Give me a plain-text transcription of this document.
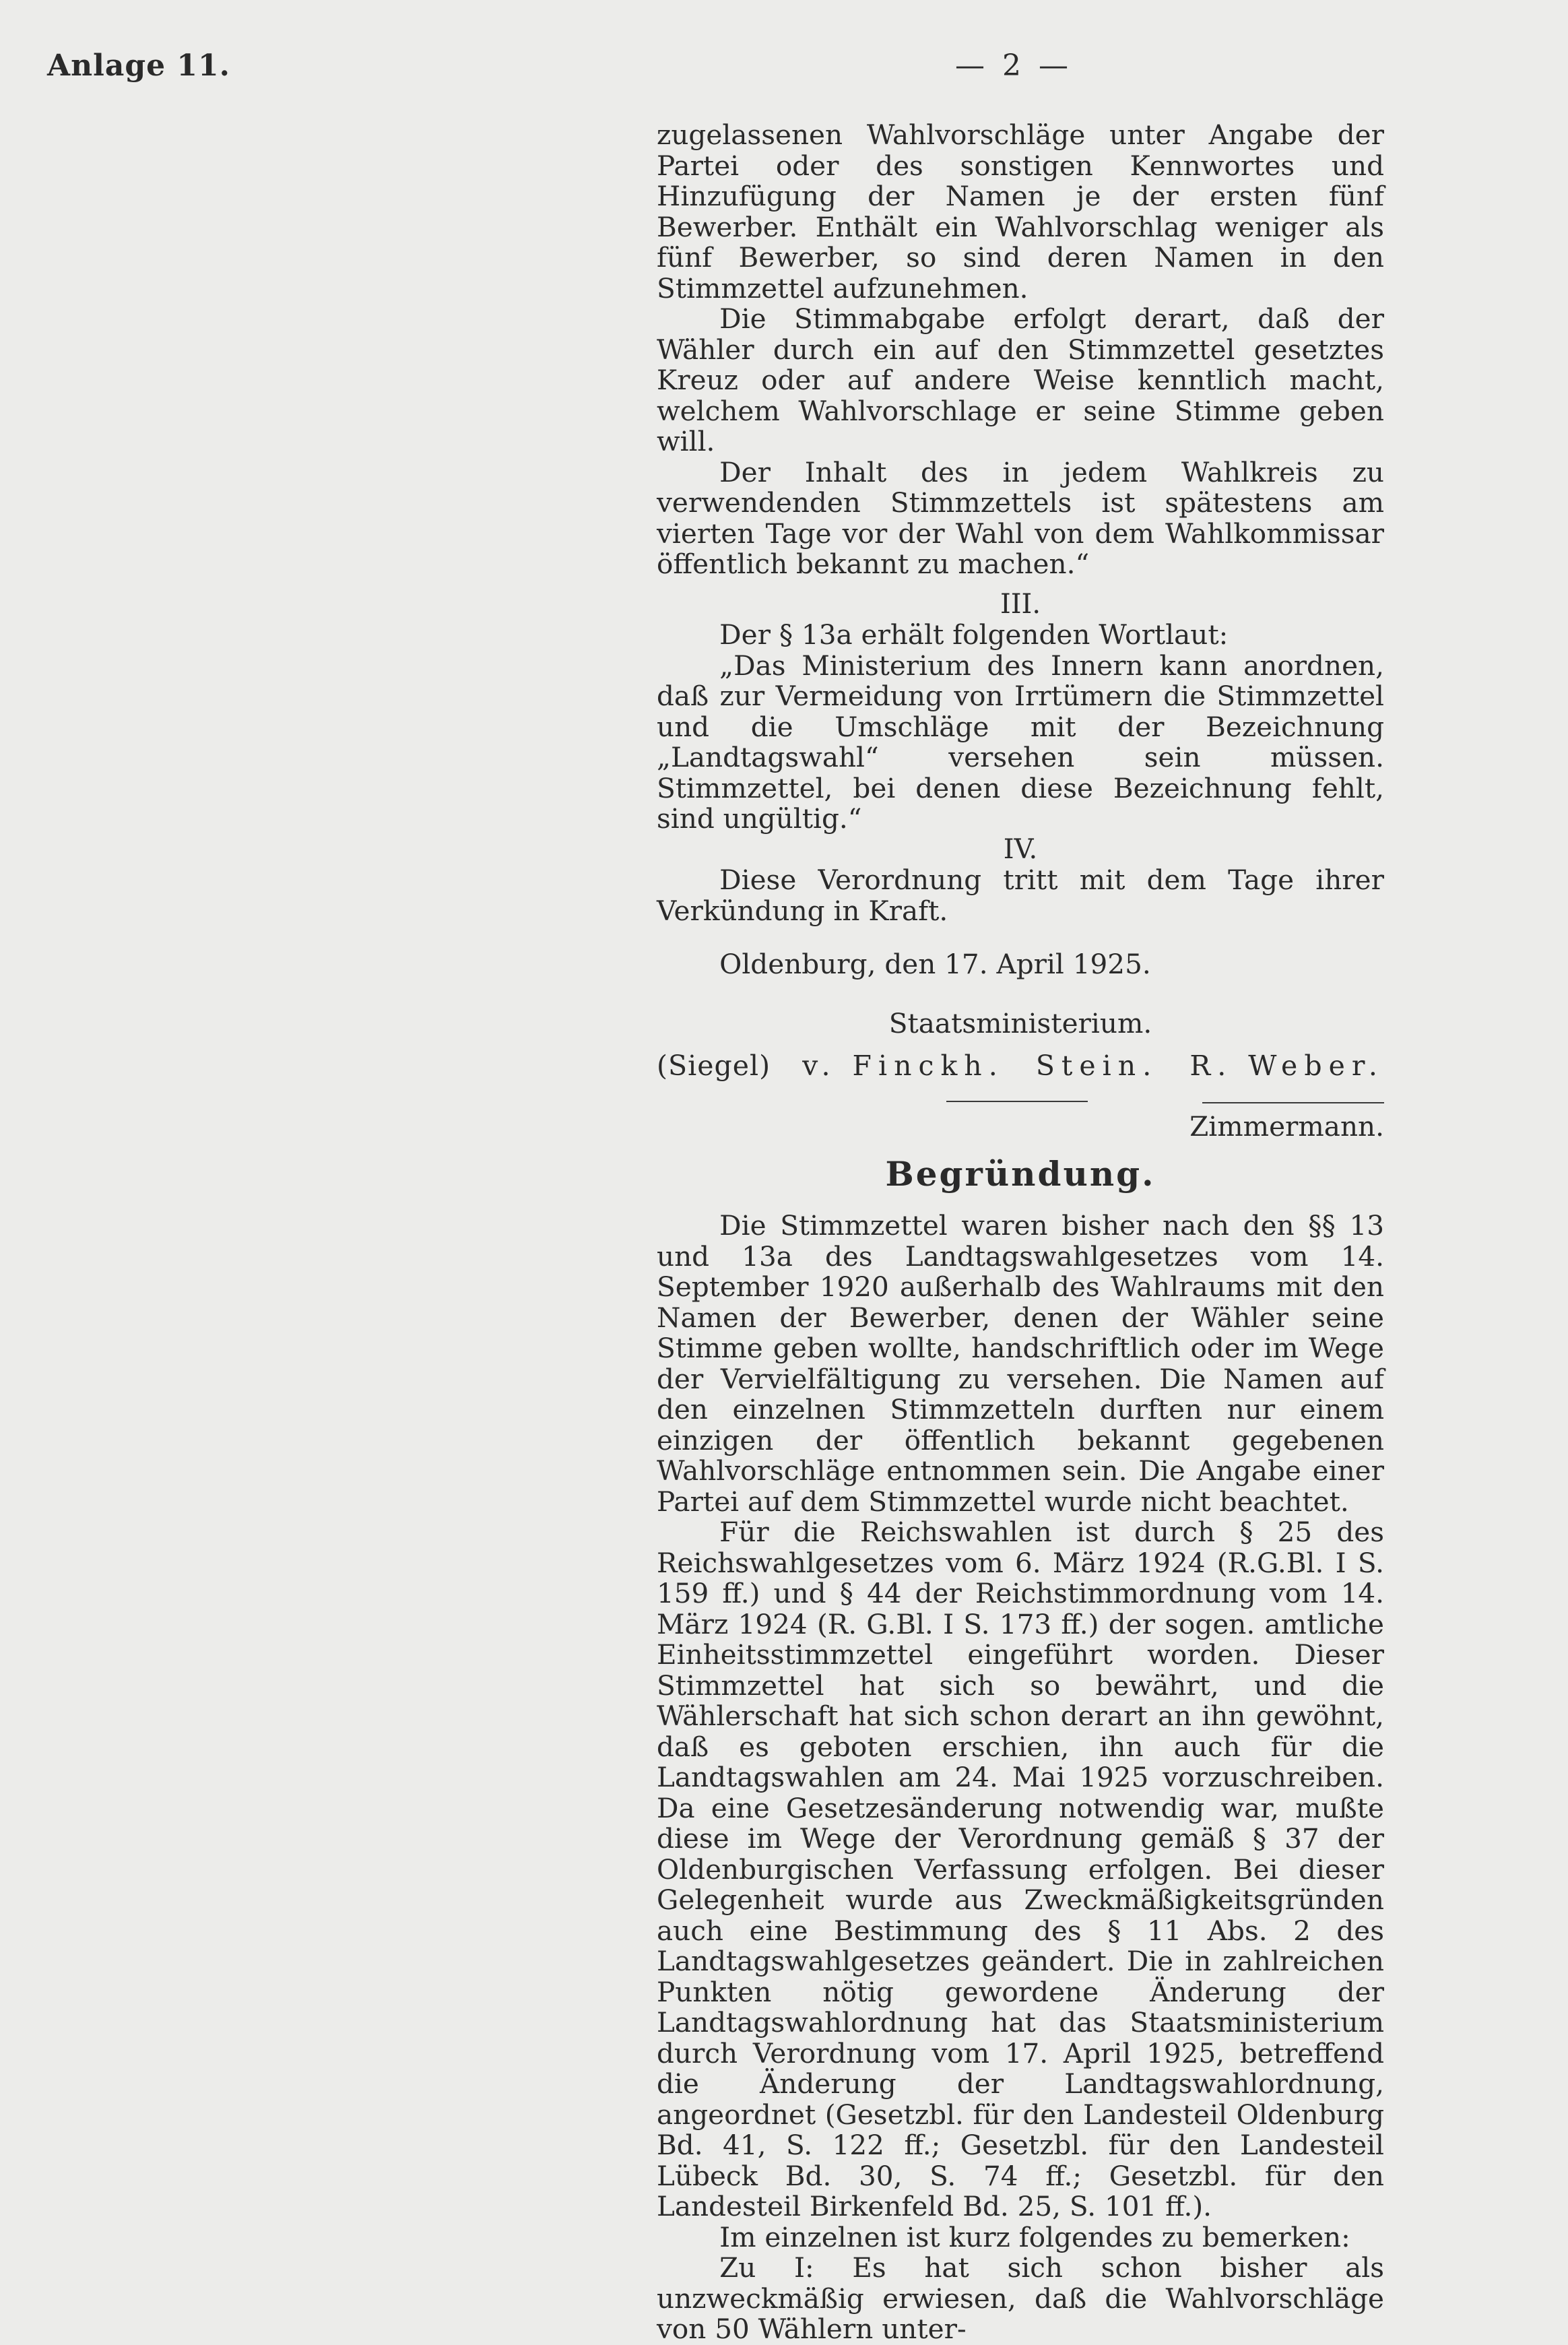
Anlage 11.	— 2 —

zugelassenen Wahlvorschläge unter Angabe der Partei oder des sonstigen Kennwortes und Hinzufügung der Namen je der ersten fünf Bewerber. Enthält ein Wahlvorschlag weniger als fünf Bewerber, so sind deren Namen in den Stimmzettel aufzunehmen.

Die Stimmabgabe erfolgt derart, daß der Wähler durch ein auf den Stimmzettel gesetztes Kreuz oder auf andere Weise kenntlich macht, welchem Wahlvorschlage er seine Stimme geben will.

Der Inhalt des in jedem Wahlkreis zu verwendenden Stimmzettels ist spätestens am vierten Tage vor der Wahl von dem Wahlkommissar öffentlich bekannt zu machen.“

III.

Der § 13a erhält folgenden Wortlaut:

„Das Ministerium des Innern kann anordnen, daß zur Vermeidung von Irrtümern die Stimmzettel und die Umschläge mit der Bezeichnung „Landtagswahl“ versehen sein müssen. Stimmzettel, bei denen diese Bezeichnung fehlt, sind ungültig.“

IV.

Diese Verordnung tritt mit dem Tage ihrer Verkündung in Kraft.

Oldenburg, den 17. April 1925.

Staatsministerium.
(Siegel) v. Finckh. Stein. R. Weber.
Zimmermann.
Begründung.

Die Stimmzettel waren bisher nach den §§ 13 und 13a des Landtagswahlgesetzes vom 14. September 1920 außerhalb des Wahlraums mit den Namen der Bewerber, denen der Wähler seine Stimme geben wollte, handschriftlich oder im Wege der Vervielfältigung zu versehen. Die Namen auf den einzelnen Stimmzetteln durften nur einem einzigen der öffentlich bekannt gegebenen Wahlvorschläge entnommen sein. Die Angabe einer Partei auf dem Stimmzettel wurde nicht beachtet.

Für die Reichswahlen ist durch § 25 des Reichswahlgesetzes vom 6. März 1924 (R.G.Bl. I S. 159 ff.) und § 44 der Reichstimmordnung vom 14. März 1924 (R. G.Bl. I S. 173 ff.) der sogen. amtliche Einheitsstimmzettel eingeführt worden. Dieser Stimmzettel hat sich so bewährt, und die Wählerschaft hat sich schon derart an ihn gewöhnt, daß es geboten erschien, ihn auch für die Landtagswahlen am 24. Mai 1925 vorzuschreiben. Da eine Gesetzesänderung notwendig war, mußte diese im Wege der Verordnung gemäß § 37 der Oldenburgischen Verfassung erfolgen. Bei dieser Gelegenheit wurde aus Zweckmäßigkeitsgründen auch eine Bestimmung des § 11 Abs. 2 des Landtagswahlgesetzes geändert. Die in zahlreichen Punkten nötig gewordene Änderung der Landtagswahlordnung hat das Staatsministerium durch Verordnung vom 17. April 1925, betreffend die Änderung der Landtagswahlordnung, angeordnet (Gesetzbl. für den Landesteil Oldenburg Bd. 41, S. 122 ff.; Gesetzbl. für den Landesteil Lübeck Bd. 30, S. 74 ff.; Gesetzbl. für den Landesteil Birkenfeld Bd. 25, S. 101 ff.).

Im einzelnen ist kurz folgendes zu bemerken:

Zu I: Es hat sich schon bisher als unzweckmäßig erwiesen, daß die Wahlvorschläge von 50 Wählern unter-
